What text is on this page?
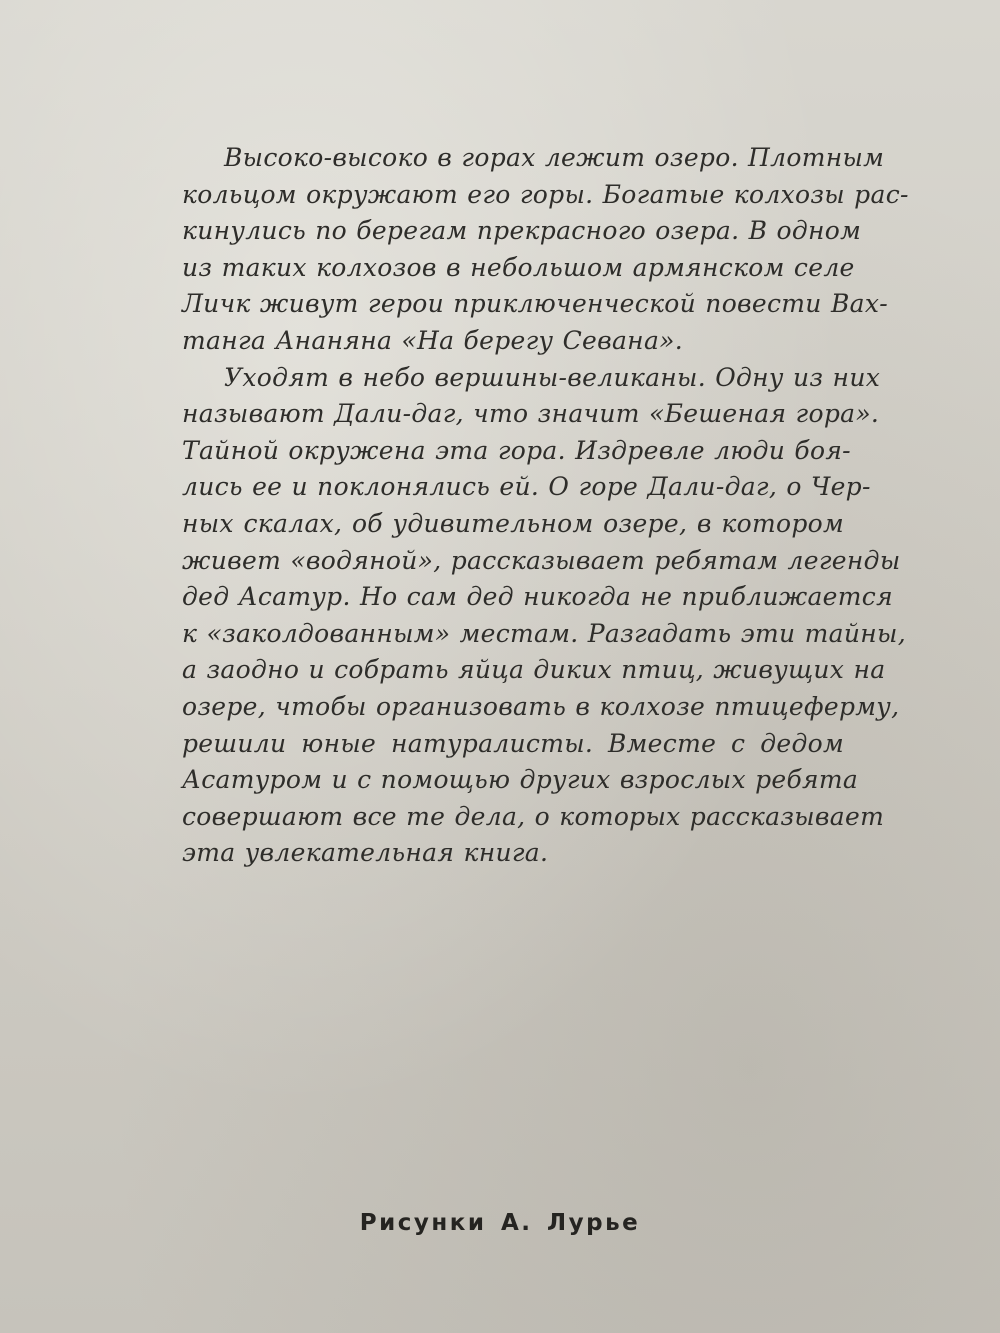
Высоко-высоко в горах лежит озеро. Плотным
кольцом окружают его горы. Богатые колхозы рас-
кинулись по берегам прекрасного озера. В одном
из таких колхозов в небольшом армянском селе
Личк живут герои приключенческой повести Вах-
танга Ананяна «На берегу Севана».
Уходят в небо вершины-великаны. Одну из них
называют Дали-даг, что значит «Бешеная гора».
Тайной окружена эта гора. Издревле люди боя-
лись ее и поклонялись ей. О горе Дали-даг, о Чер-
ных скалах, об удивительном озере, в котором
живет «водяной», рассказывает ребятам легенды
дед Асатур. Но сам дед никогда не приближается
к «заколдованным» местам. Разгадать эти тайны,
а заодно и собрать яйца диких птиц, живущих на
озере, чтобы организовать в колхозе птицеферму,
решили юные натуралисты. Вместе с дедом
Асатуром и с помощью других взрослых ребята
совершают все те дела, о которых рассказывает
эта увлекательная книга.
Рисунки А. Лурье
